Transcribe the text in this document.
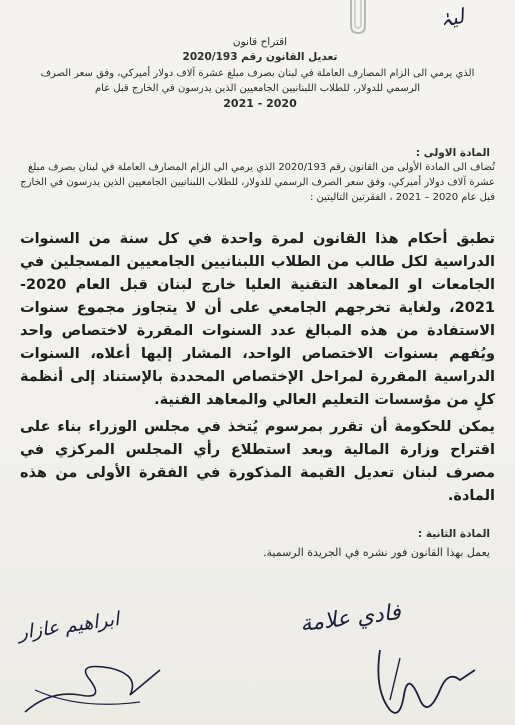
لیہٰ
اقتراح قانون
تعديل القانون رقم 2020/193
الذي يرمي الى الزام المصارف العاملة في لبنان بصرف مبلغ عشرة آلاف دولار أميركي، وفق سعر الصرف الرسمي للدولار، للطلاب اللبنانيين الجامعيين الذين يدرسون في الخارج قبل عام
2021 - 2020
المادة الاولى :
تُضاف الى المادة الأولى من القانون رقم 2020/193 الذي يرمي الى الزام المصارف العاملة في لبنان بصرف مبلغ عشرة آلاف دولار أميركي، وفق سعر الصرف الرسمي للدولار، للطلاب اللبنانيين الجامعيين الذين يدرسون في الخارج قبل عام 2020 – 2021 ، الفقرتين التاليتين :
تطبق أحكام هذا القانون لمرة واحدة في كل سنة من السنوات الدراسية لكل طالب من الطلاب اللبنانيين الجامعيين المسجلين في الجامعات او المعاهد التقنية العليا خارج لبنان قبل العام 2020-2021، ولغاية تخرجهم الجامعي على أن لا يتجاوز مجموع سنوات الاستفادة من هذه المبالغ عدد السنوات المقررة لاختصاص واحد ويُفهم بسنوات الاختصاص الواحد، المشار إليها أعلاه، السنوات الدراسية المقررة لمراحل الإختصاص المحددة بالإستناد إلى أنظمة كلٍ من مؤسسات التعليم العالي والمعاهد الفنية.
يمكن للحكومة أن تقرر بمرسوم يُتخذ في مجلس الوزراء بناء على اقتراح وزارة المالية وبعد استطلاع رأي المجلس المركزي في مصرف لبنان تعديل القيمة المذكورة في الفقرة الأولى من هذه المادة.
المادة الثانية :
يعمل بهذا القانون فور نشره في الجريدة الرسمية.
ابراهيم عازار	فادي علامة
